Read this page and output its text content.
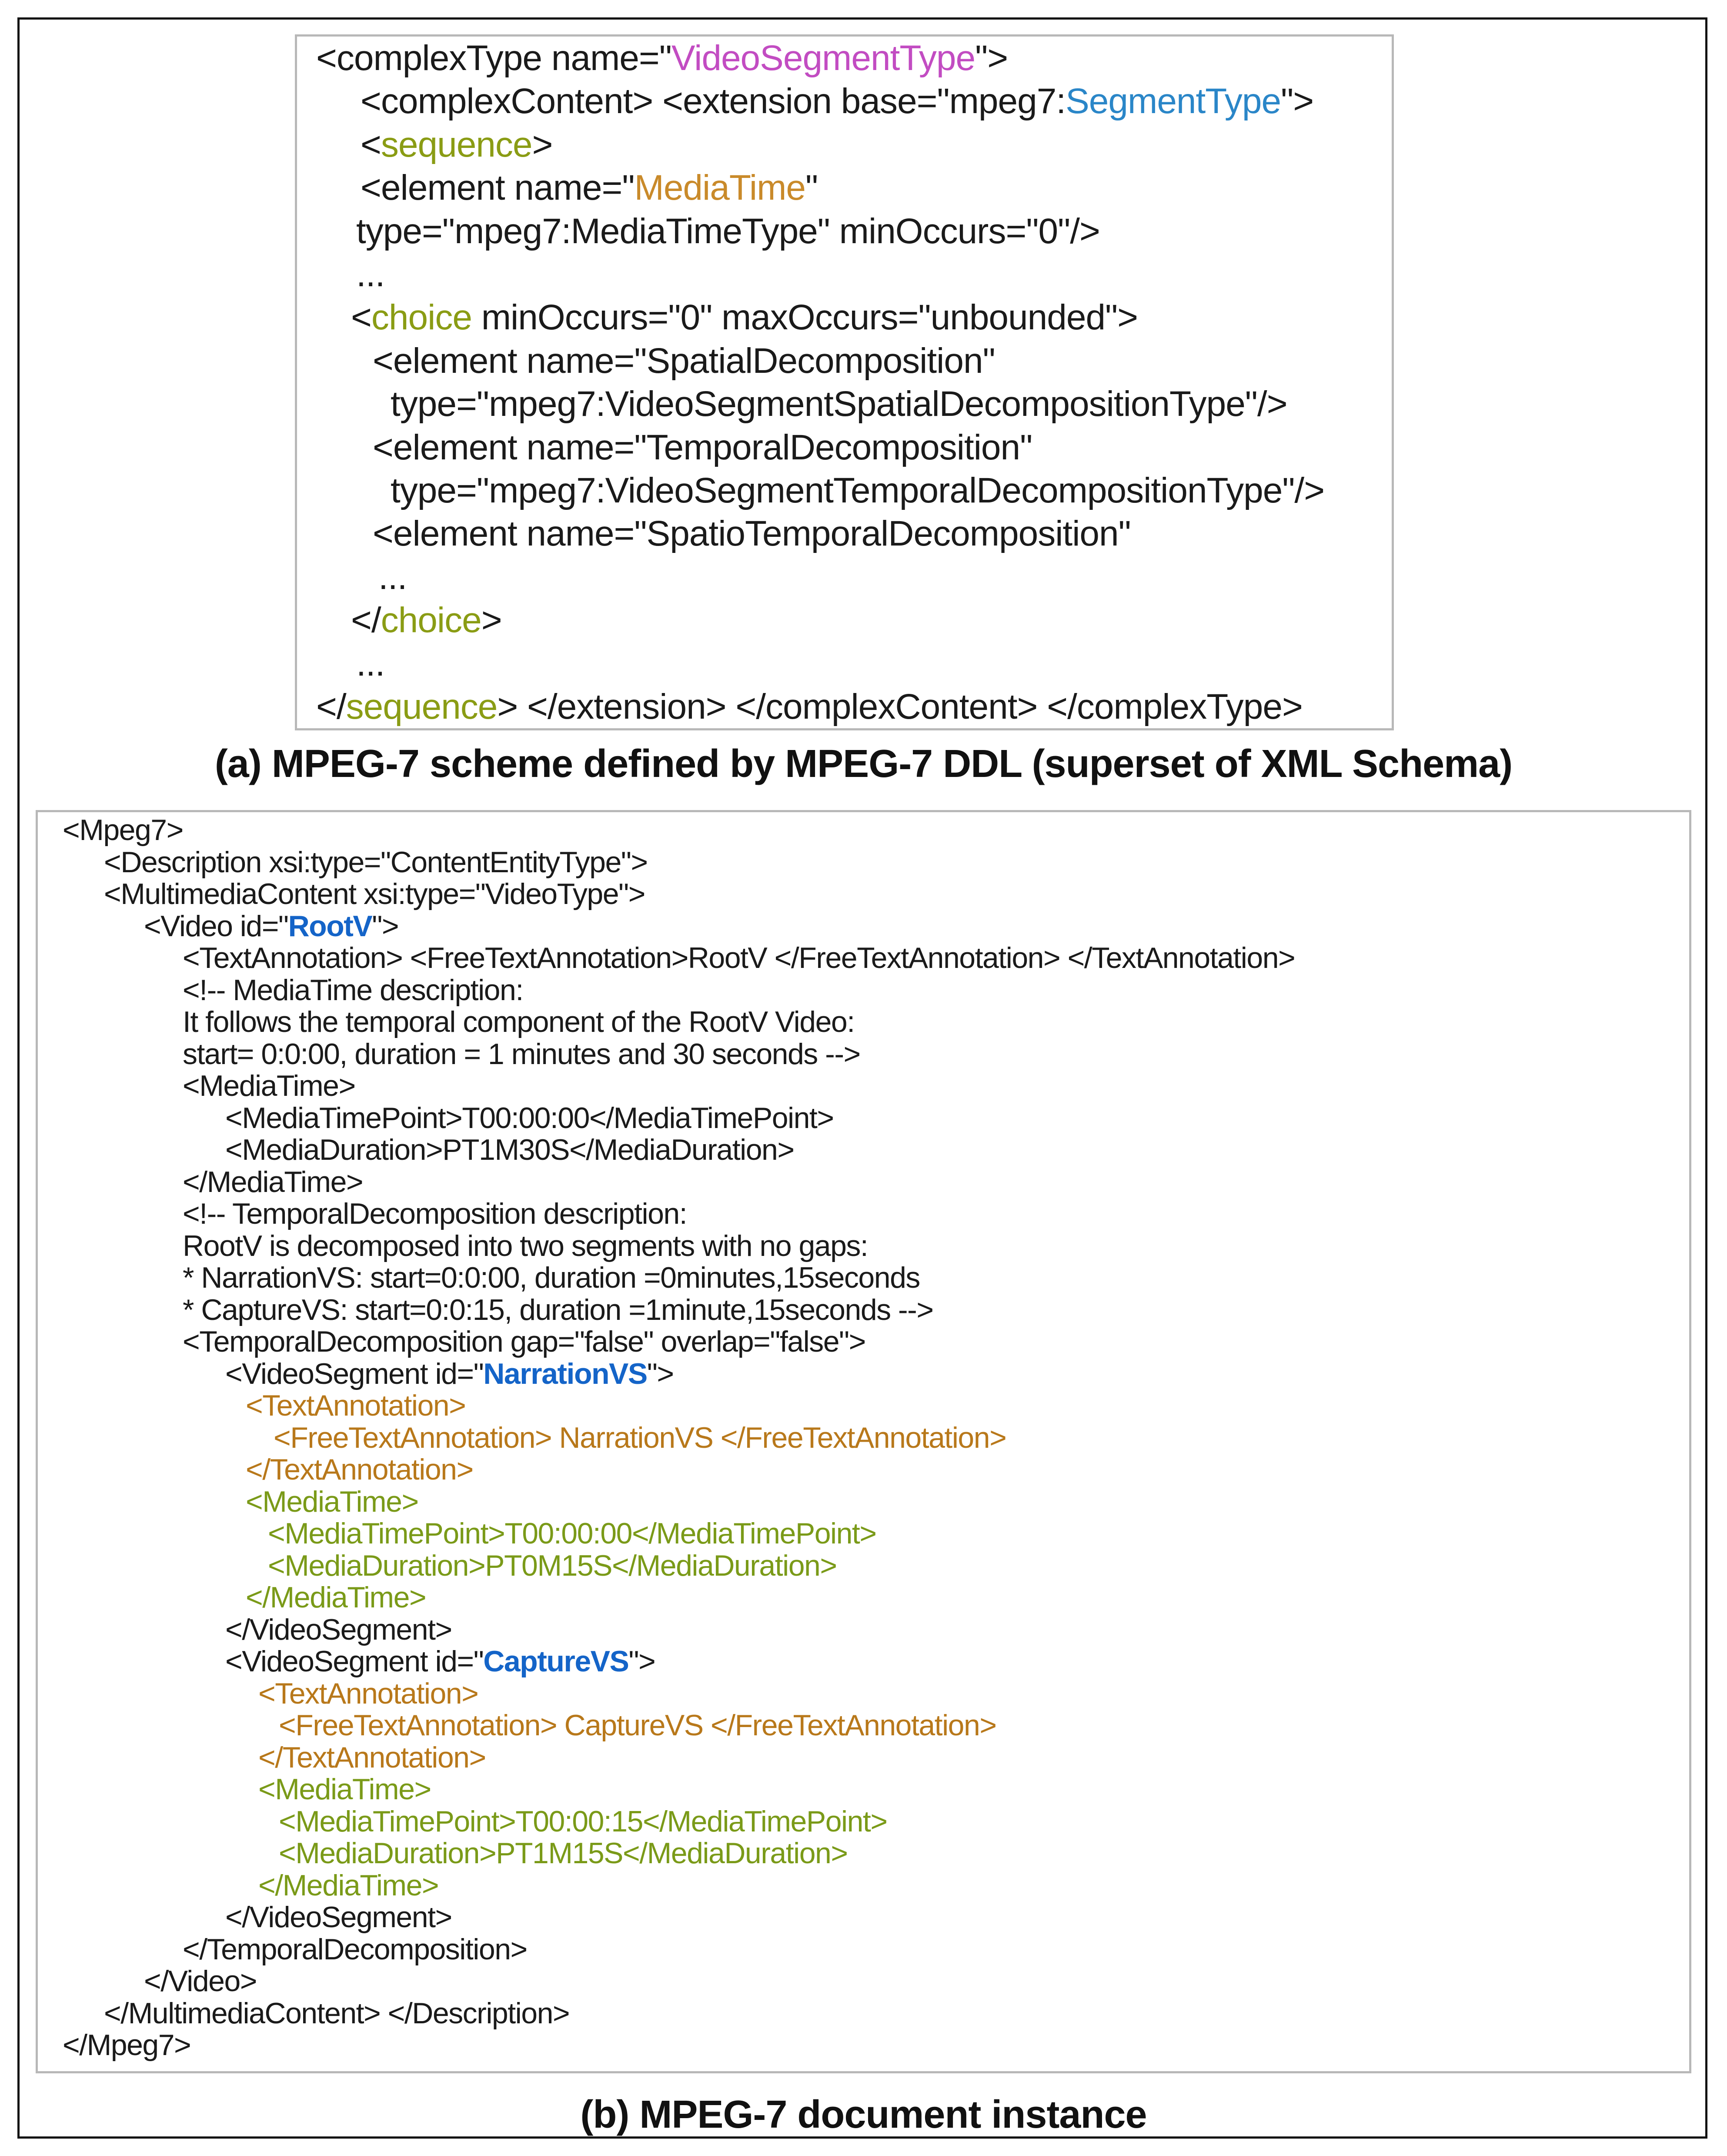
<complexType name="VideoSegmentType">
<complexContent> <extension base="mpeg7:SegmentType">
<sequence>
<element name="MediaTime"
type="mpeg7:MediaTimeType" minOccurs="0"/>
...
<choice minOccurs="0" maxOccurs="unbounded">
<element name="SpatialDecomposition"
type="mpeg7:VideoSegmentSpatialDecompositionType"/>
<element name="TemporalDecomposition"
type="mpeg7:VideoSegmentTemporalDecompositionType"/>
<element name="SpatioTemporalDecomposition"
...
</choice>
...
</sequence> </extension> </complexContent> </complexType>
(a) MPEG-7 scheme defined by MPEG-7 DDL (superset of XML Schema)
<Mpeg7>
<Description xsi:type="ContentEntityType">
<MultimediaContent xsi:type="VideoType">
<Video id="RootV">
<TextAnnotation> <FreeTextAnnotation>RootV </FreeTextAnnotation> </TextAnnotation>
<!-- MediaTime description:
It follows the temporal component of the RootV Video:
start= 0:0:00, duration = 1 minutes and 30 seconds -->
<MediaTime>
<MediaTimePoint>T00:00:00</MediaTimePoint>
<MediaDuration>PT1M30S</MediaDuration>
</MediaTime>
<!-- TemporalDecomposition description:
RootV is decomposed into two segments with no gaps:
* NarrationVS: start=0:0:00, duration =0minutes,15seconds
* CaptureVS: start=0:0:15, duration =1minute,15seconds -->
<TemporalDecomposition gap="false" overlap="false">
<VideoSegment id="NarrationVS">
<TextAnnotation>
<FreeTextAnnotation> NarrationVS </FreeTextAnnotation>
</TextAnnotation>
<MediaTime>
<MediaTimePoint>T00:00:00</MediaTimePoint>
<MediaDuration>PT0M15S</MediaDuration>
</MediaTime>
</VideoSegment>
<VideoSegment id="CaptureVS">
<TextAnnotation>
<FreeTextAnnotation> CaptureVS </FreeTextAnnotation>
</TextAnnotation>
<MediaTime>
<MediaTimePoint>T00:00:15</MediaTimePoint>
<MediaDuration>PT1M15S</MediaDuration>
</MediaTime>
</VideoSegment>
</TemporalDecomposition>
</Video>
</MultimediaContent> </Description>
</Mpeg7>
(b) MPEG-7 document instance
